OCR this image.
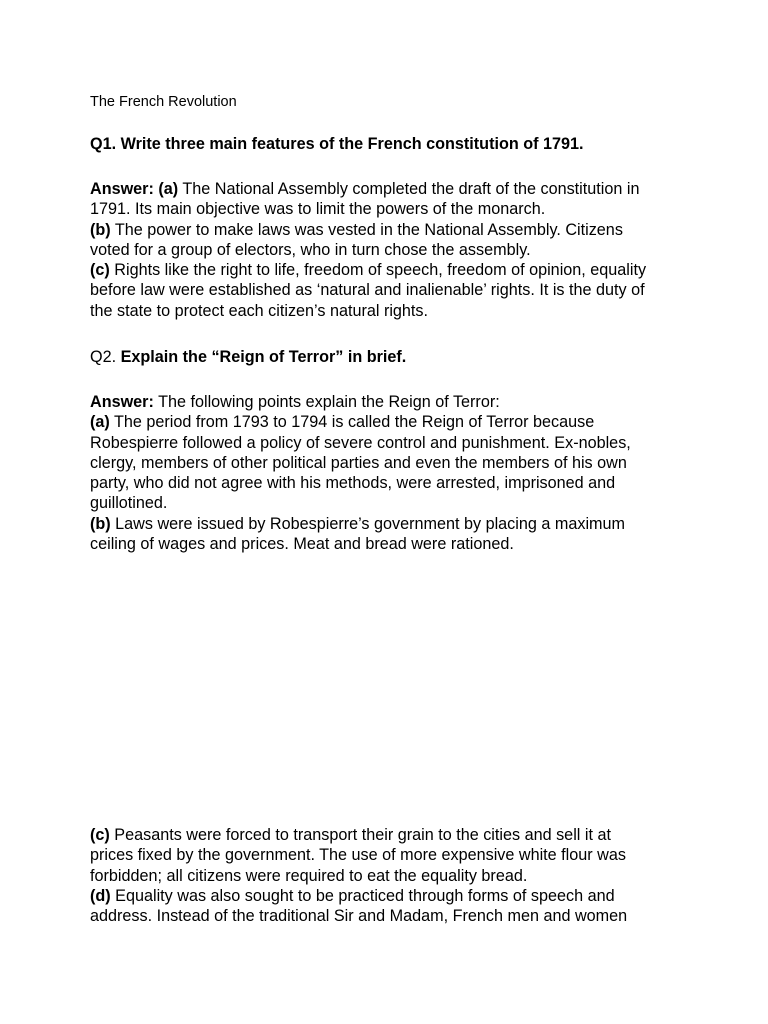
The French Revolution
Q1. Write three main features of the French constitution of 1791.
Answer: (a) The National Assembly completed the draft of the constitution in
1791. Its main objective was to limit the powers of the monarch.
(b) The power to make laws was vested in the National Assembly. Citizens
voted for a group of electors, who in turn chose the assembly.
(c) Rights like the right to life, freedom of speech, freedom of opinion, equality
before law were established as ‘natural and inalienable’ rights. It is the duty of
the state to protect each citizen’s natural rights.
Q2. Explain the “Reign of Terror” in brief.
Answer: The following points explain the Reign of Terror:
(a) The period from 1793 to 1794 is called the Reign of Terror because
Robespierre followed a policy of severe control and punishment. Ex-nobles,
clergy, members of other political parties and even the members of his own
party, who did not agree with his methods, were arrested, imprisoned and
guillotined.
(b) Laws were issued by Robespierre’s government by placing a maximum
ceiling of wages and prices. Meat and bread were rationed.
(c) Peasants were forced to transport their grain to the cities and sell it at
prices fixed by the government. The use of more expensive white flour was
forbidden; all citizens were required to eat the equality bread.
(d) Equality was also sought to be practiced through forms of speech and
address. Instead of the traditional Sir and Madam, French men and women
